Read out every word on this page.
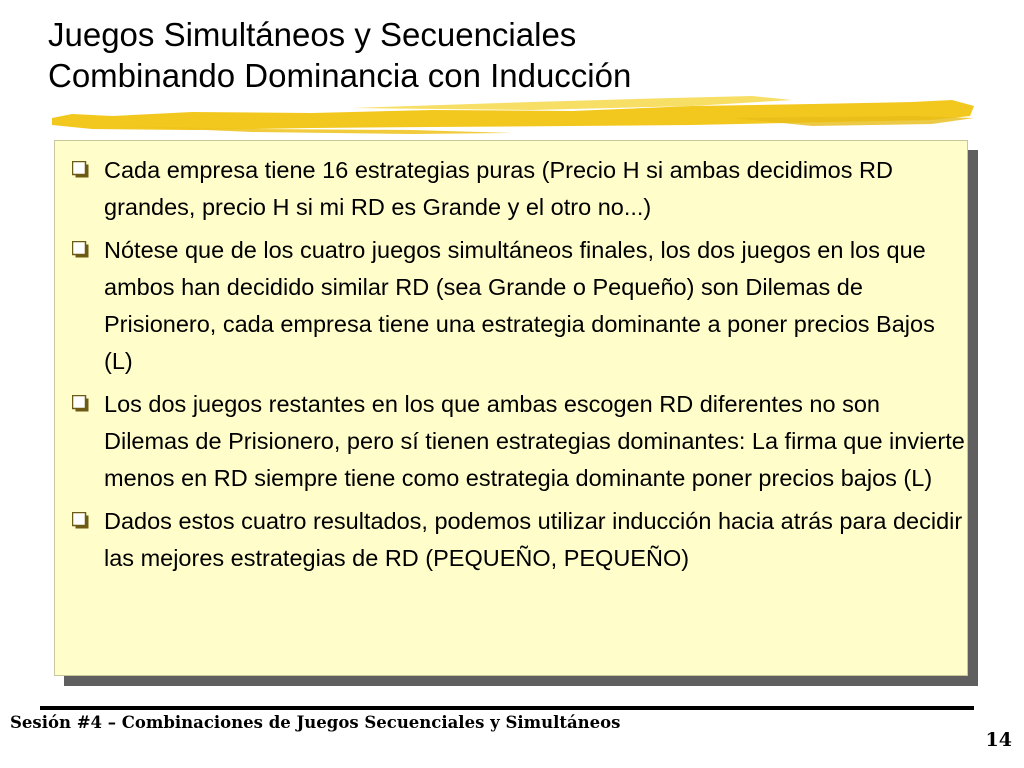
Juegos Simultáneos y Secuenciales
Combinando Dominancia con Inducción
Cada empresa tiene 16 estrategias puras (Precio H si ambas decidimos RD grandes, precio H si mi RD es Grande y el otro no...)
Nótese que de los cuatro juegos simultáneos finales, los dos juegos en los que ambos han decidido similar RD (sea Grande o Pequeño) son Dilemas de Prisionero, cada empresa tiene una estrategia dominante a poner precios Bajos (L)
Los dos juegos restantes en los que ambas escogen RD diferentes no son Dilemas de Prisionero, pero sí tienen estrategias dominantes: La firma que invierte menos en RD siempre tiene como estrategia dominante poner precios bajos (L)
Dados estos cuatro resultados, podemos utilizar inducción hacia atrás para decidir las mejores estrategias de RD (PEQUEÑO, PEQUEÑO)
Sesión #4 – Combinaciones de Juegos Secuenciales y Simultáneos
14
